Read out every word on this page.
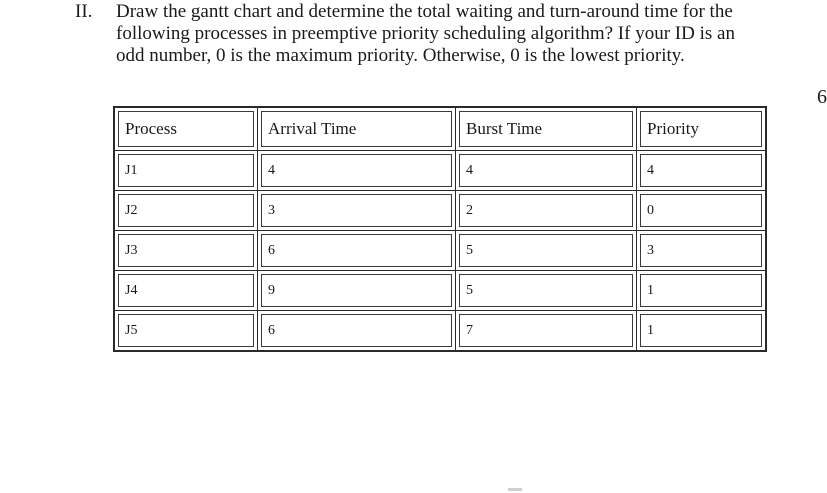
II. Draw the gantt chart and determine the total waiting and turn-around time for the
following processes in preemptive priority scheduling algorithm? If your ID is an
odd number, 0 is the maximum priority. Otherwise, 0 is the lowest priority.
6
Process	Arrival Time	Burst Time	Priority

J1	4	4	4

J2	3	2	0

J3	6	5	3

J4	9	5	1

J5	6	7	1
